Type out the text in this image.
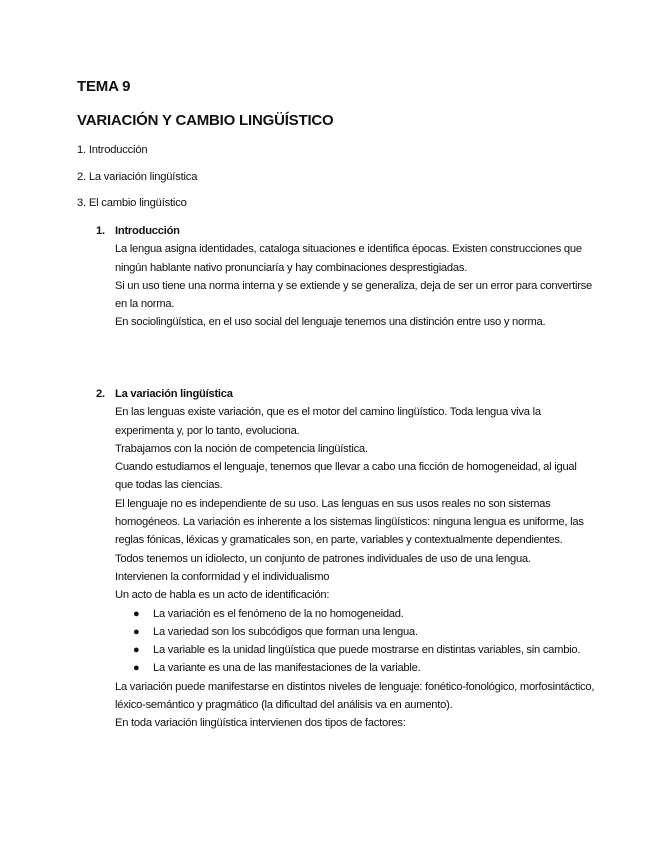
TEMA 9
VARIACIÓN Y CAMBIO LINGÜÍSTICO

1. Introducción

2. La variación lingüística

3. El cambio lingüístico

1. Introducción

La lengua asigna identidades, cataloga situaciones e identifica épocas. Existen construcciones que ningún hablante nativo pronunciaría y hay combinaciones desprestigiadas.

Si un uso tiene una norma interna y se extiende y se generaliza, deja de ser un error para convertirse en la norma.

En sociolingüística, en el uso social del lenguaje tenemos una distinción entre uso y norma.

2. La variación lingüística

En las lenguas existe variación, que es el motor del camino lingüístico. Toda lengua viva la experimenta y, por lo tanto, evoluciona.

Trabajamos con la noción de competencia lingüística.

Cuando estudiamos el lenguaje, tenemos que llevar a cabo una ficción de homogeneidad, al igual que todas las ciencias.

El lenguaje no es independiente de su uso. Las lenguas en sus usos reales no son sistemas homogéneos. La variación es inherente a los sistemas lingüísticos: ninguna lengua es uniforme, las reglas fónicas, léxicas y gramaticales son, en parte, variables y contextualmente dependientes.

Todos tenemos un idiolecto, un conjunto de patrones individuales de uso de una lengua.

Intervienen la conformidad y el individualismo

Un acto de habla es un acto de identificación:

● La variación es el fenómeno de la no homogeneidad.
● La variedad son los subcódigos que forman una lengua.
● La variable es la unidad lingüística que puede mostrarse en distintas variables, sin cambio.
● La variante es una de las manifestaciones de la variable.

La variación puede manifestarse en distintos niveles de lenguaje: fonético-fonológico, morfosintáctico, léxico-semántico y pragmático (la dificultad del análisis va en aumento).

En toda variación lingüística intervienen dos tipos de factores:
